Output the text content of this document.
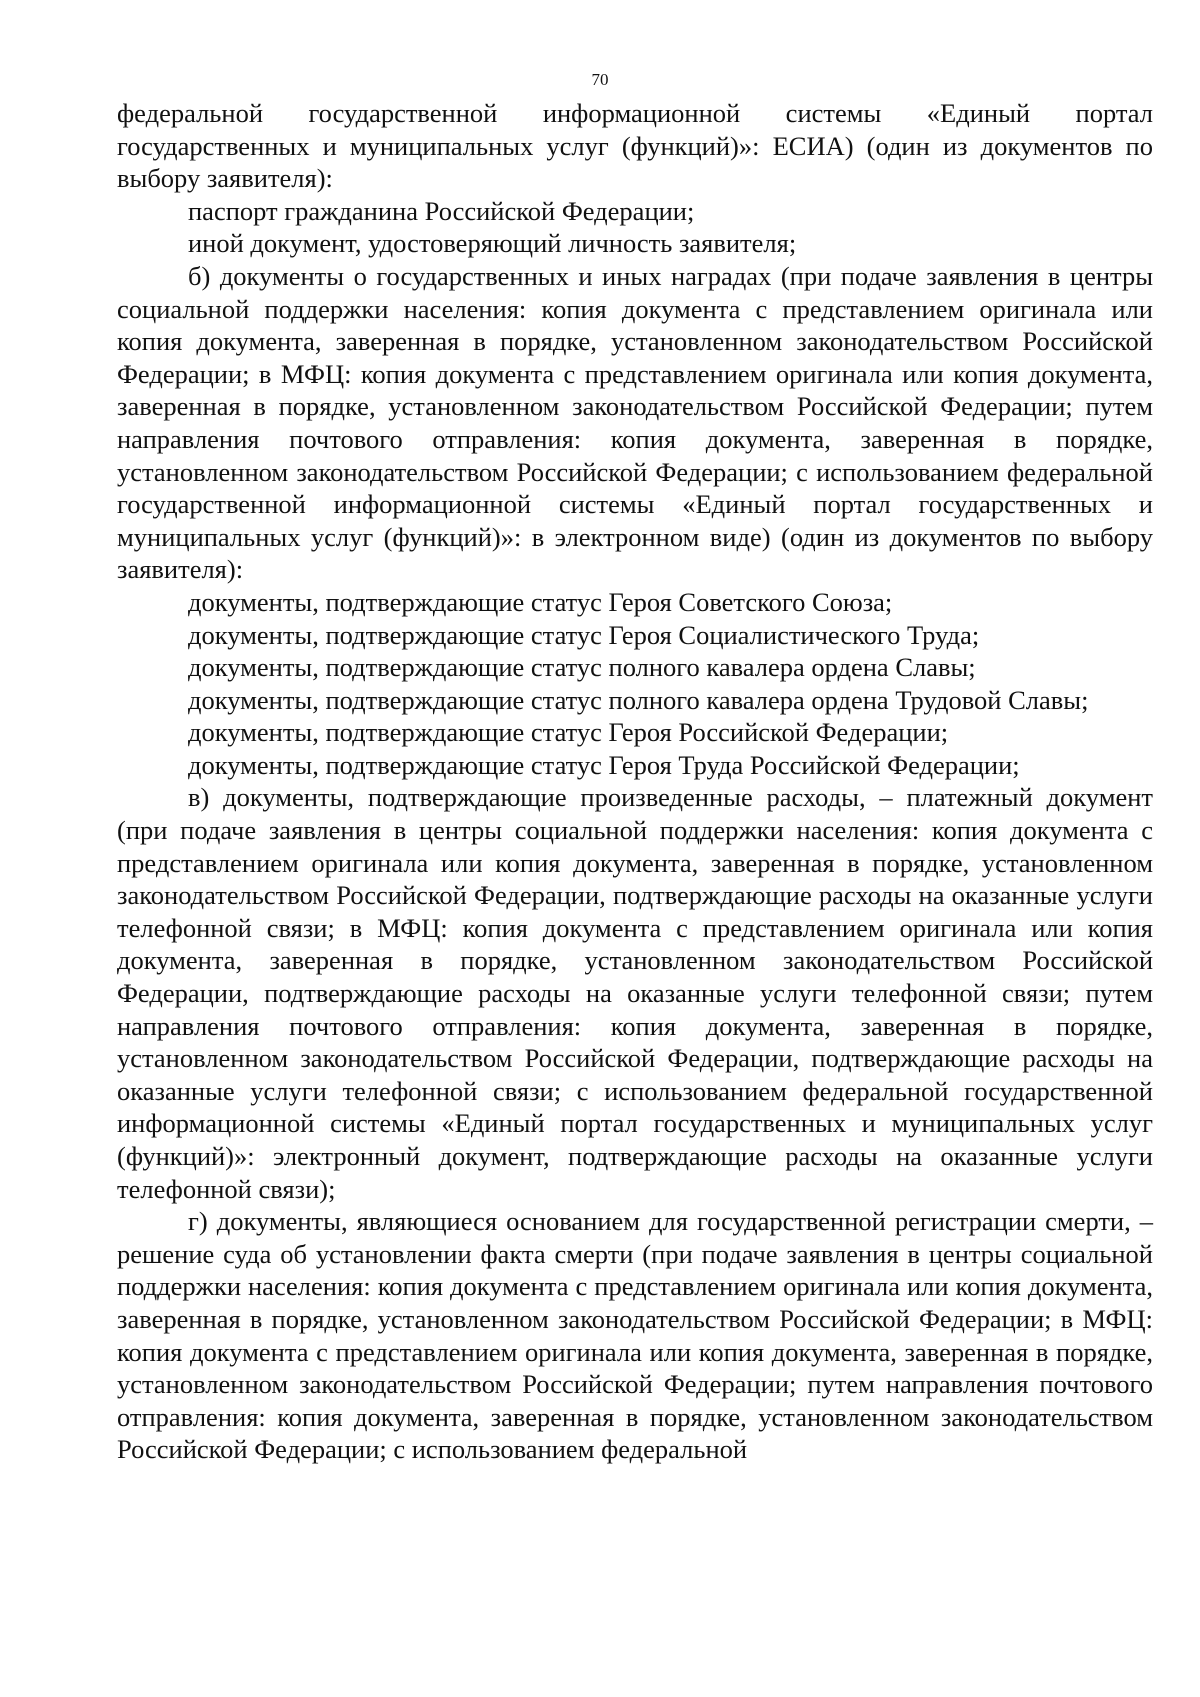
70

федеральной государственной информационной системы «Единый портал государственных и муниципальных услуг (функций)»: ЕСИА) (один из документов по выбору заявителя):

паспорт гражданина Российской Федерации;

иной документ, удостоверяющий личность заявителя;

б) документы о государственных и иных наградах (при подаче заявления в центры социальной поддержки населения: копия документа с представлением оригинала или копия документа, заверенная в порядке, установленном законодательством Российской Федерации; в МФЦ: копия документа с представлением оригинала или копия документа, заверенная в порядке, установленном законодательством Российской Федерации; путем направления почтового отправления: копия документа, заверенная в порядке, установленном законодательством Российской Федерации; с использованием федеральной государственной информационной системы «Единый портал государственных и муниципальных услуг (функций)»: в электронном виде) (один из документов по выбору заявителя):

документы, подтверждающие статус Героя Советского Союза;

документы, подтверждающие статус Героя Социалистического Труда;

документы, подтверждающие статус полного кавалера ордена Славы;

документы, подтверждающие статус полного кавалера ордена Трудовой Славы;

документы, подтверждающие статус Героя Российской Федерации;

документы, подтверждающие статус Героя Труда Российской Федерации;

в) документы, подтверждающие произведенные расходы, – платежный документ (при подаче заявления в центры социальной поддержки населения: копия документа с представлением оригинала или копия документа, заверенная в порядке, установленном законодательством Российской Федерации, подтверждающие расходы на оказанные услуги телефонной связи; в МФЦ: копия документа с представлением оригинала или копия документа, заверенная в порядке, установленном законодательством Российской Федерации, подтверждающие расходы на оказанные услуги телефонной связи; путем направления почтового отправления: копия документа, заверенная в порядке, установленном законодательством Российской Федерации, подтверждающие расходы на оказанные услуги телефонной связи; с использованием федеральной государственной информационной системы «Единый портал государственных и муниципальных услуг (функций)»: электронный документ, подтверждающие расходы на оказанные услуги телефонной связи);

г) документы, являющиеся основанием для государственной регистрации смерти, – решение суда об установлении факта смерти (при подаче заявления в центры социальной поддержки населения: копия документа с представлением оригинала или копия документа, заверенная в порядке, установленном законодательством Российской Федерации; в МФЦ: копия документа с представлением оригинала или копия документа, заверенная в порядке, установленном законодательством Российской Федерации; путем направления почтового отправления: копия документа, заверенная в порядке, установленном законодательством Российской Федерации; с использованием федеральной
